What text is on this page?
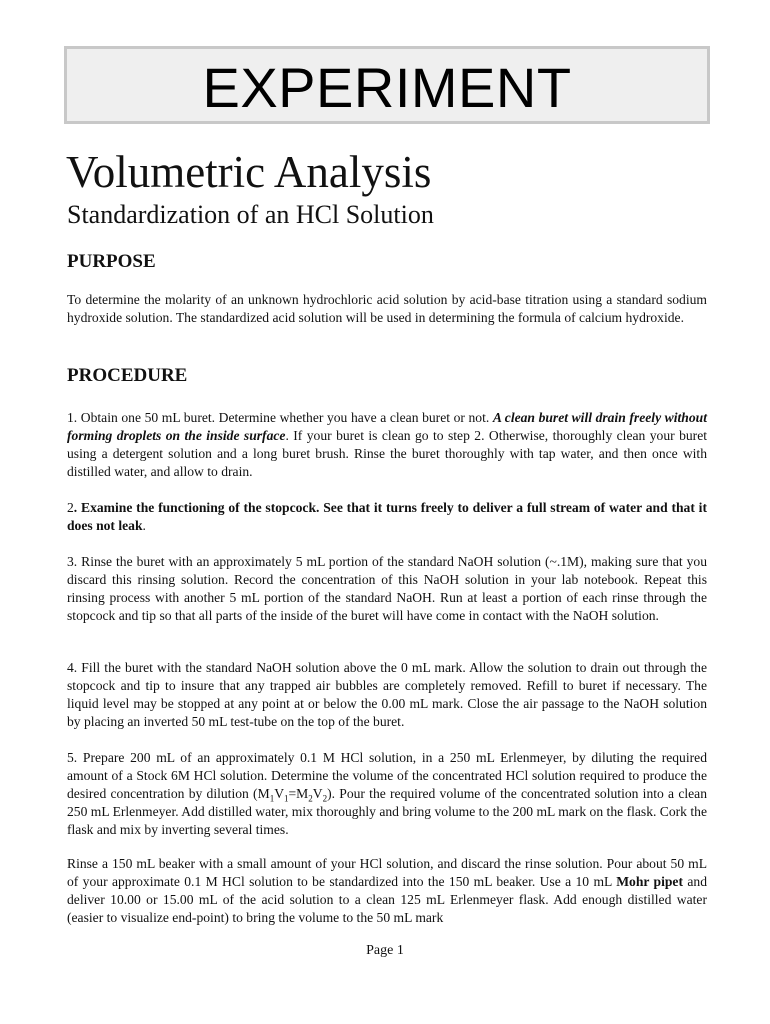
EXPERIMENT
Volumetric Analysis
Standardization of an HCl Solution
PURPOSE
To determine the molarity of an unknown hydrochloric acid solution by acid-base titration using a standard sodium hydroxide solution. The standardized acid solution will be used in determining the formula of calcium hydroxide.
PROCEDURE
1. Obtain one 50 mL buret. Determine whether you have a clean buret or not. A clean buret will drain freely without forming droplets on the inside surface. If your buret is clean go to step 2. Otherwise, thoroughly clean your buret using a detergent solution and a long buret brush. Rinse the buret thoroughly with tap water, and then once with distilled water, and allow to drain.
2. Examine the functioning of the stopcock. See that it turns freely to deliver a full stream of water and that it does not leak.
3. Rinse the buret with an approximately 5 mL portion of the standard NaOH solution (~.1M), making sure that you discard this rinsing solution. Record the concentration of this NaOH solution in your lab notebook. Repeat this rinsing process with another 5 mL portion of the standard NaOH. Run at least a portion of each rinse through the stopcock and tip so that all parts of the inside of the buret will have come in contact with the NaOH solution.
4. Fill the buret with the standard NaOH solution above the 0 mL mark. Allow the solution to drain out through the stopcock and tip to insure that any trapped air bubbles are completely removed. Refill to buret if necessary. The liquid level may be stopped at any point at or below the 0.00 mL mark. Close the air passage to the NaOH solution by placing an inverted 50 mL test-tube on the top of the buret.
5. Prepare 200 mL of an approximately 0.1 M HCl solution, in a 250 mL Erlenmeyer, by diluting the required amount of a Stock 6M HCl solution. Determine the volume of the concentrated HCl solution required to produce the desired concentration by dilution $(M_1V_1=M_2V_2)$. Pour the required volume of the concentrated solution into a clean 250 mL Erlenmeyer. Add distilled water, mix thoroughly and bring volume to the 200 mL mark on the flask. Cork the flask and mix by inverting several times.
Rinse a 150 mL beaker with a small amount of your HCl solution, and discard the rinse solution. Pour about 50 mL of your approximate 0.1 M HCl solution to be standardized into the 150 mL beaker. Use a 10 mL Mohr pipet and deliver 10.00 or 15.00 mL of the acid solution to a clean 125 mL Erlenmeyer flask. Add enough distilled water (easier to visualize end-point) to bring the volume to the 50 mL mark
Page 1
